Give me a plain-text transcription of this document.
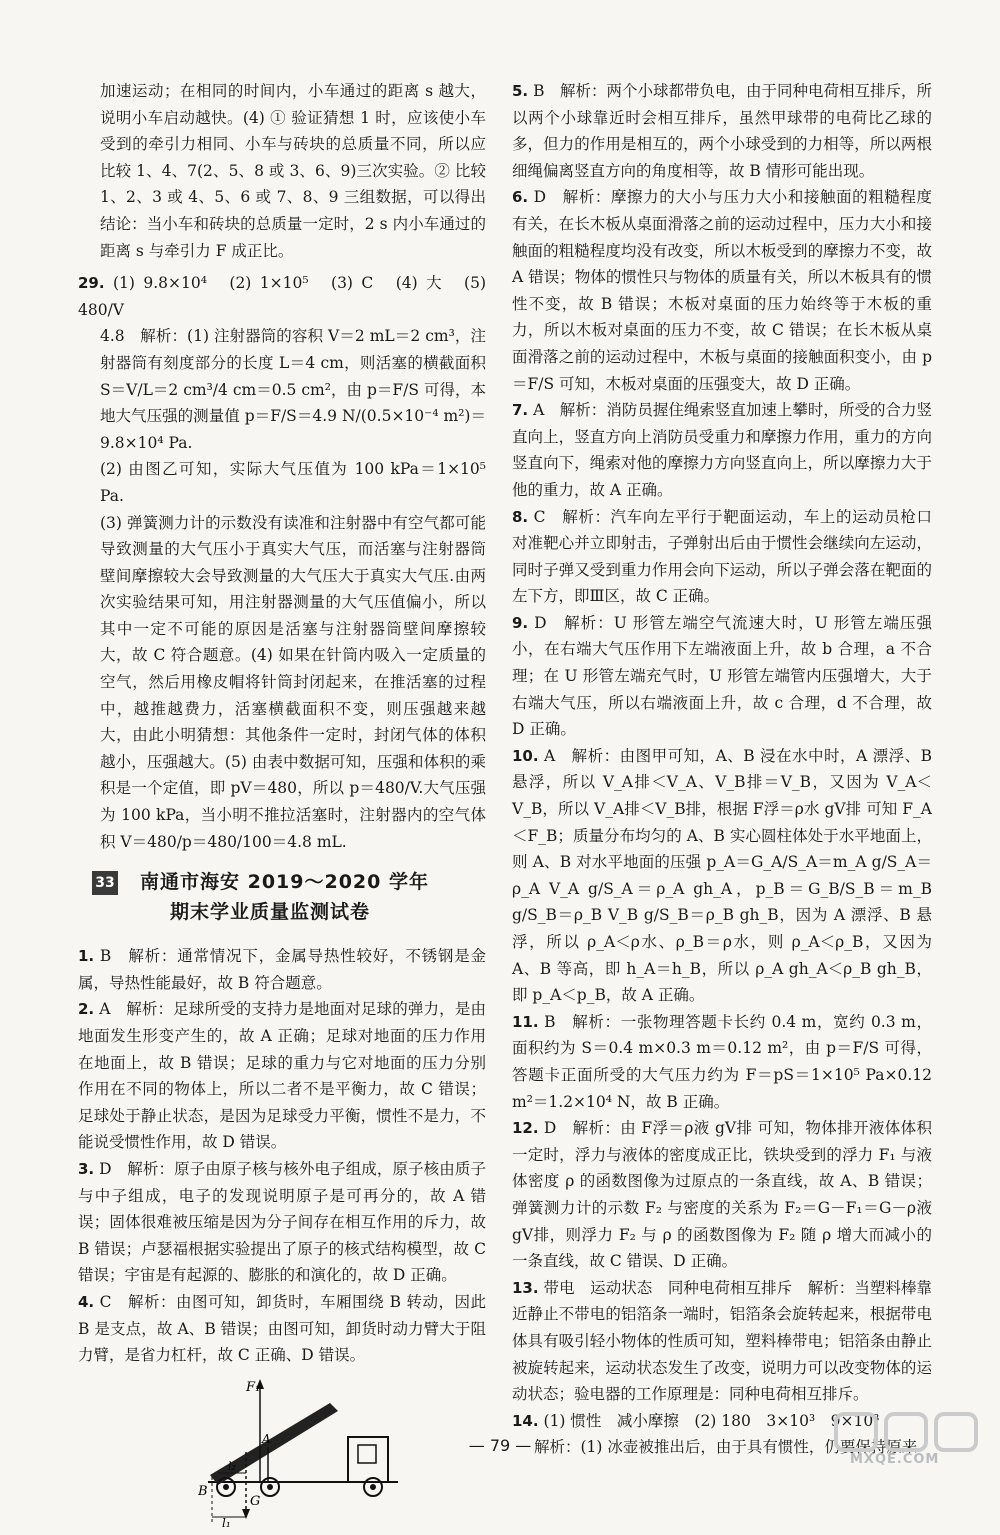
加速运动；在相同的时间内，小车通过的距离 s 越大，说明小车启动越快。(4) ① 验证猜想 1 时，应该使小车受到的牵引力相同、小车与砖块的总质量不同，所以应比较 1、4、7(2、5、8 或 3、6、9)三次实验。② 比较 1、2、3 或 4、5、6 或 7、8、9 三组数据，可以得出结论：当小车和砖块的总质量一定时，2 s 内小车通过的距离 s 与牵引力 F 成正比。

29. (1) 9.8×10⁴　(2) 1×10⁵　(3) C　(4) 大　(5) 480/V

4.8　解析：(1) 注射器筒的容积 V＝2 mL＝2 cm³，注射器筒有刻度部分的长度 L＝4 cm，则活塞的横截面积 S＝V/L＝2 cm³/4 cm＝0.5 cm²，由 p＝F/S 可得，本地大气压强的测量值 p＝F/S＝4.9 N/(0.5×10⁻⁴ m²)＝9.8×10⁴ Pa.

(2) 由图乙可知，实际大气压值为 100 kPa＝1×10⁵ Pa.

(3) 弹簧测力计的示数没有读准和注射器中有空气都可能导致测量的大气压小于真实大气压，而活塞与注射器筒壁间摩擦较大会导致测量的大气压大于真实大气压.由两次实验结果可知，用注射器测量的大气压值偏小，所以其中一定不可能的原因是活塞与注射器筒壁间摩擦较大，故 C 符合题意。(4) 如果在针筒内吸入一定质量的空气，然后用橡皮帽将针筒封闭起来，在推活塞的过程中，越推越费力，活塞横截面积不变，则压强越来越大，由此小明猜想：其他条件一定时，封闭气体的体积越小，压强越大。(5) 由表中数据可知，压强和体积的乘积是一个定值，即 pV＝480，所以 p＝480/V.大气压强为 100 kPa，当小明不推拉活塞时，注射器内的空气体积 V＝480/p＝480/100＝4.8 mL.

33 南通市海安 2019～2020 学年
期末学业质量监测试卷

1. B　解析：通常情况下，金属导热性较好，不锈钢是金属，导热性能最好，故 B 符合题意。

2. A　解析：足球所受的支持力是地面对足球的弹力，是由地面发生形变产生的，故 A 正确；足球对地面的压力作用在地面上，故 B 错误；足球的重力与它对地面的压力分别作用在不同的物体上，所以二者不是平衡力，故 C 错误；足球处于静止状态，是因为足球受力平衡，惯性不是力，不能说受惯性作用，故 D 错误。

3. D　解析：原子由原子核与核外电子组成，原子核由质子与中子组成，电子的发现说明原子是可再分的，故 A 错误；固体很难被压缩是因为分子间存在相互作用的斥力，故 B 错误；卢瑟福根据实验提出了原子的核式结构模型，故 C 错误；宇宙是有起源的、膨胀的和演化的，故 D 正确。

4. C　解析：由图可知，卸货时，车厢围绕 B 转动，因此 B 是支点，故 A、B 错误；由图可知，卸货时动力臂大于阻力臂，是省力杠杆，故 C 正确、D 错误。

F₁
A
B
G
l₁
l₂

5. B　解析：两个小球都带负电，由于同种电荷相互排斥，所以两个小球靠近时会相互排斥，虽然甲球带的电荷比乙球的多，但力的作用是相互的，两个小球受到的力相等，所以两根细绳偏离竖直方向的角度相等，故 B 情形可能出现。

6. D　解析：摩擦力的大小与压力大小和接触面的粗糙程度有关，在长木板从桌面滑落之前的运动过程中，压力大小和接触面的粗糙程度均没有改变，所以木板受到的摩擦力不变，故 A 错误；物体的惯性只与物体的质量有关，所以木板具有的惯性不变，故 B 错误；木板对桌面的压力始终等于木板的重力，所以木板对桌面的压力不变，故 C 错误；在长木板从桌面滑落之前的运动过程中，木板与桌面的接触面积变小，由 p＝F/S 可知，木板对桌面的压强变大，故 D 正确。

7. A　解析：消防员握住绳索竖直加速上攀时，所受的合力竖直向上，竖直方向上消防员受重力和摩擦力作用，重力的方向竖直向下，绳索对他的摩擦力方向竖直向上，所以摩擦力大于他的重力，故 A 正确。

8. C　解析：汽车向左平行于靶面运动，车上的运动员枪口对准靶心并立即射击，子弹射出后由于惯性会继续向左运动，同时子弹又受到重力作用会向下运动，所以子弹会落在靶面的左下方，即Ⅲ区，故 C 正确。

9. D　解析：U 形管左端空气流速大时，U 形管左端压强小，在右端大气压作用下左端液面上升，故 b 合理，a 不合理；在 U 形管左端充气时，U 形管左端管内压强增大，大于右端大气压，所以右端液面上升，故 c 合理，d 不合理，故 D 正确。

10. A　解析：由图甲可知，A、B 浸在水中时，A 漂浮、B 悬浮，所以 V_A排＜V_A、V_B排＝V_B，又因为 V_A＜V_B，所以 V_A排＜V_B排，根据 F浮＝ρ水 gV排 可知 F_A＜F_B；质量分布均匀的 A、B 实心圆柱体处于水平地面上，则 A、B 对水平地面的压强 p_A＝G_A/S_A＝m_A g/S_A＝ρ_A V_A g/S_A＝ρ_A gh_A，p_B＝G_B/S_B＝m_B g/S_B＝ρ_B V_B g/S_B＝ρ_B gh_B，因为 A 漂浮、B 悬浮，所以 ρ_A＜ρ水、ρ_B＝ρ水，则 ρ_A＜ρ_B，又因为 A、B 等高，即 h_A＝h_B，所以 ρ_A gh_A＜ρ_B gh_B，即 p_A＜p_B，故 A 正确。

11. B　解析：一张物理答题卡长约 0.4 m，宽约 0.3 m，面积约为 S＝0.4 m×0.3 m＝0.12 m²，由 p＝F/S 可得，答题卡正面所受的大气压力约为 F＝pS＝1×10⁵ Pa×0.12 m²＝1.2×10⁴ N，故 B 正确。

12. D　解析：由 F浮＝ρ液 gV排 可知，物体排开液体体积一定时，浮力与液体的密度成正比，铁块受到的浮力 F₁ 与液体密度 ρ 的函数图像为过原点的一条直线，故 A、B 错误；弹簧测力计的示数 F₂ 与密度的关系为 F₂＝G－F₁＝G－ρ液 gV排，则浮力 F₂ 与 ρ 的函数图像为 F₂ 随 ρ 增大而减小的一条直线，故 C 错误、D 正确。

13. 带电　运动状态　同种电荷相互排斥　解析：当塑料棒靠近静止不带电的铝箔条一端时，铝箔条会旋转起来，根据带电体具有吸引轻小物体的性质可知，塑料棒带电；铝箔条由静止被旋转起来，运动状态发生了改变，说明力可以改变物体的运动状态；验电器的工作原理是：同种电荷相互排斥。

14. (1) 惯性　减小摩擦　(2) 180　3×10³　9×10³

解析：(1) 冰壶被推出后，由于具有惯性，仍要保持原来

— 79 —
MXQE.COM
